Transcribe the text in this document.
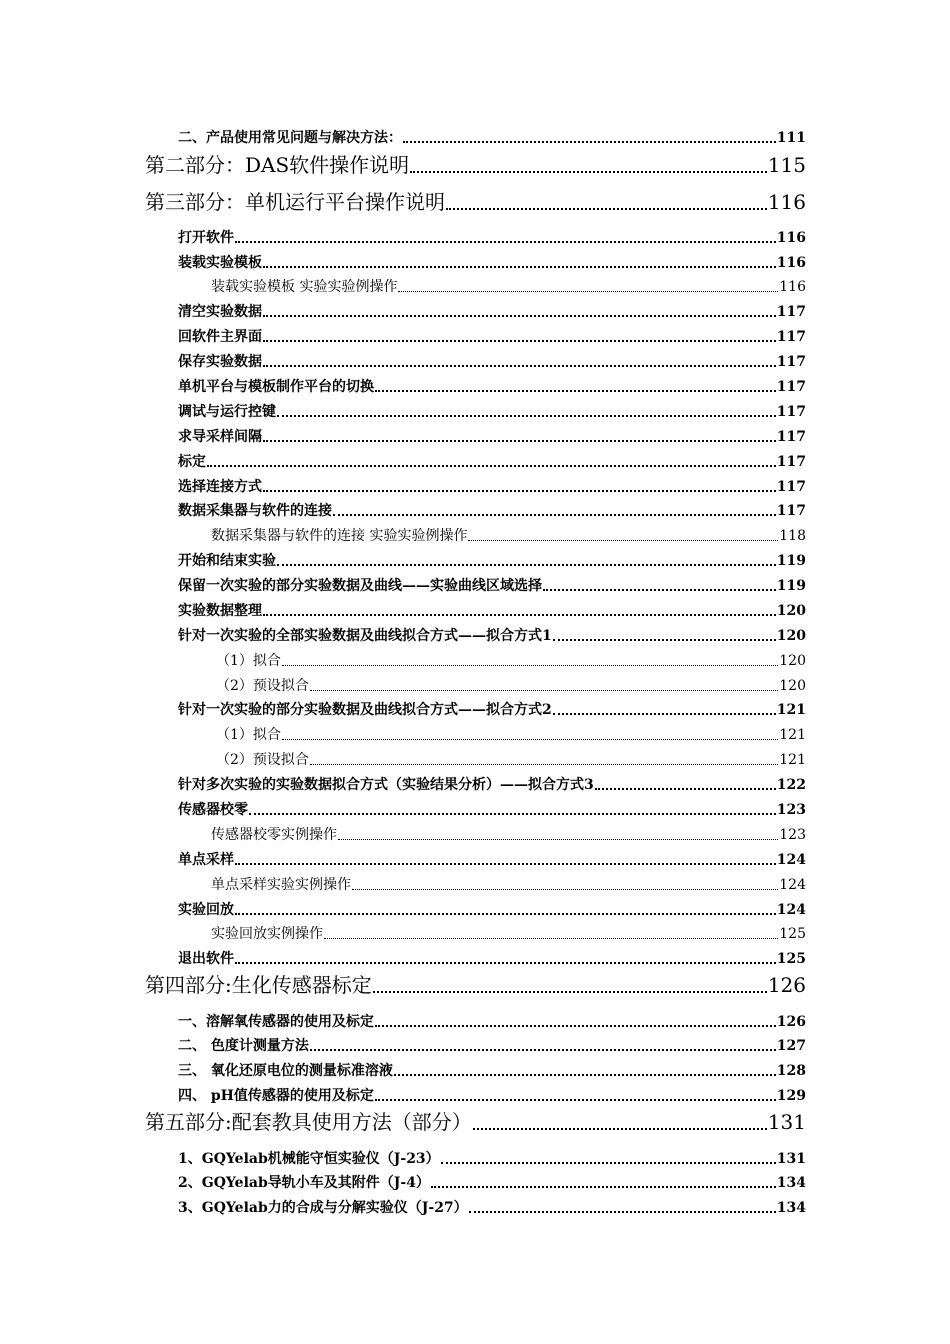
二、产品使用常见问题与解决方法：	111
第二部分：DAS软件操作说明	115
第三部分：单机运行平台操作说明	116
打开软件	116
装载实验模板	116
装载实验模板 实验实验例操作	116
清空实验数据	117
回软件主界面	117
保存实验数据	117
单机平台与模板制作平台的切换	117
调试与运行控键	117
求导采样间隔	117
标定	117
选择连接方式	117
数据采集器与软件的连接	117
数据采集器与软件的连接 实验实验例操作	118
开始和结束实验	119
保留一次实验的部分实验数据及曲线——实验曲线区域选择	119
实验数据整理	120
针对一次实验的全部实验数据及曲线拟合方式——拟合方式1	120
（1）拟合	120
（2）预设拟合	120
针对一次实验的部分实验数据及曲线拟合方式——拟合方式2	121
（1）拟合	121
（2）预设拟合	121
针对多次实验的实验数据拟合方式（实验结果分析）——拟合方式3	122
传感器校零	123
传感器校零实例操作	123
单点采样	124
单点采样实验实例操作	124
实验回放	124
实验回放实例操作	125
退出软件	125
第四部分:生化传感器标定	126
一、溶解氧传感器的使用及标定	126
二、 色度计测量方法	127
三、 氧化还原电位的测量标准溶液	128
四、 pH值传感器的使用及标定	129
第五部分:配套教具使用方法（部分）	131
1、GQYelab机械能守恒实验仪（J-23）	131
2、GQYelab导轨小车及其附件（J-4）	134
3、GQYelab力的合成与分解实验仪（J-27）	134
